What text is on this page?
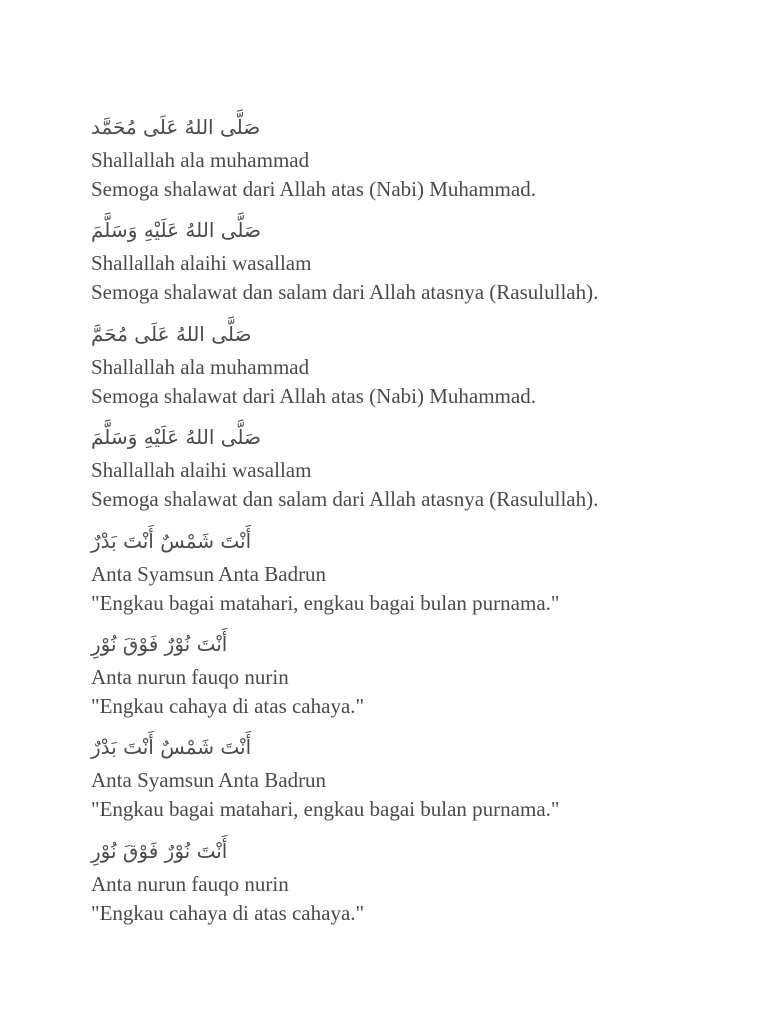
صَلَّى اللهُ عَلَى مُحَمَّد
Shallallah ala muhammad
Semoga shalawat dari Allah atas (Nabi) Muhammad.
صَلَّى اللهُ عَلَيْهِ وَسَلَّمَ
Shallallah alaihi wasallam
Semoga shalawat dan salam dari Allah atasnya (Rasulullah).
صَلَّى اللهُ عَلَى مُحَمَّ
Shallallah ala muhammad
Semoga shalawat dari Allah atas (Nabi) Muhammad.
صَلَّى اللهُ عَلَيْهِ وَسَلَّمَ
Shallallah alaihi wasallam
Semoga shalawat dan salam dari Allah atasnya (Rasulullah).
أَنْتَ شَمْسٌ أَنْتَ بَدْرٌ
Anta Syamsun Anta Badrun
"Engkau bagai matahari, engkau bagai bulan purnama."
أَنْتَ نُوْرٌ فَوْقَ نُوْرِ
Anta nurun fauqo nurin
"Engkau cahaya di atas cahaya."
أَنْتَ شَمْسٌ أَنْتَ بَدْرٌ
Anta Syamsun Anta Badrun
"Engkau bagai matahari, engkau bagai bulan purnama."
أَنْتَ نُوْرٌ فَوْقَ نُوْرِ
Anta nurun fauqo nurin
"Engkau cahaya di atas cahaya."
